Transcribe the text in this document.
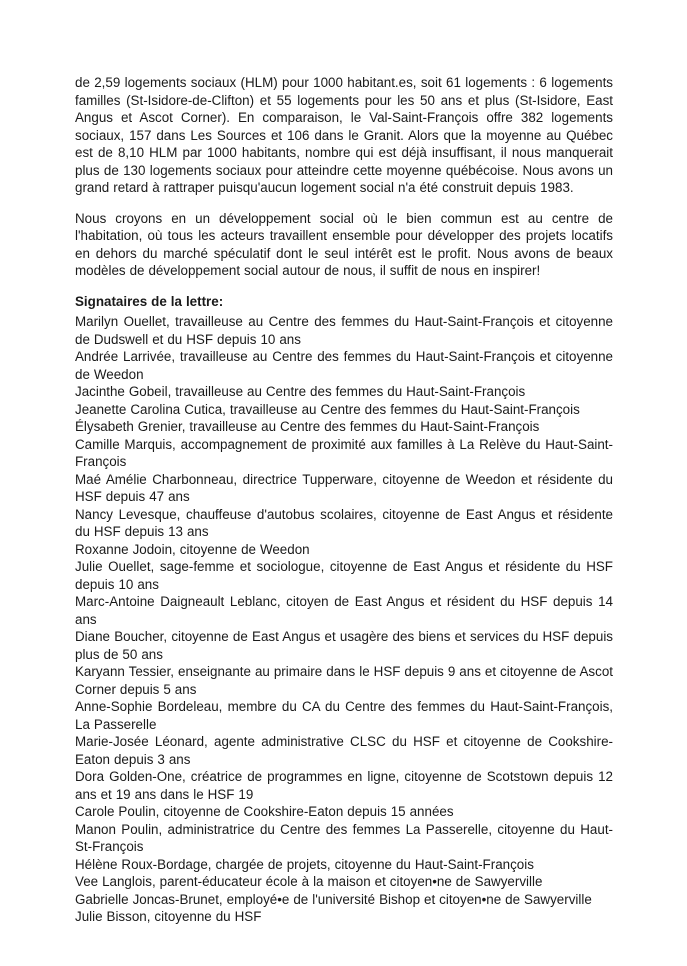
de 2,59 logements sociaux (HLM) pour 1000 habitant.es, soit 61 logements : 6 logements familles (St-Isidore-de-Clifton) et 55 logements pour les 50 ans et plus (St-Isidore, East Angus et Ascot Corner). En comparaison, le Val-Saint-François offre 382 logements sociaux, 157 dans Les Sources et 106 dans le Granit. Alors que la moyenne au Québec est de 8,10 HLM par 1000 habitants, nombre qui est déjà insuffisant, il nous manquerait plus de 130 logements sociaux pour atteindre cette moyenne québécoise. Nous avons un grand retard à rattraper puisqu'aucun logement social n'a été construit depuis 1983.

Nous croyons en un développement social où le bien commun est au centre de l'habitation, où tous les acteurs travaillent ensemble pour développer des projets locatifs en dehors du marché spéculatif dont le seul intérêt est le profit. Nous avons de beaux modèles de développement social autour de nous, il suffit de nous en inspirer!

Signataires de la lettre:

Marilyn Ouellet, travailleuse au Centre des femmes du Haut-Saint-François et citoyenne de Dudswell et du HSF depuis 10 ans

Andrée Larrivée, travailleuse au Centre des femmes du Haut-Saint-François et citoyenne de Weedon

Jacinthe Gobeil, travailleuse au Centre des femmes du Haut-Saint-François

Jeanette Carolina Cutica, travailleuse au Centre des femmes du Haut-Saint-François

Élysabeth Grenier, travailleuse au Centre des femmes du Haut-Saint-François

Camille Marquis, accompagnement de proximité aux familles à La Relève du Haut-Saint-François

Maé Amélie Charbonneau, directrice Tupperware, citoyenne de Weedon et résidente du HSF depuis 47 ans

Nancy Levesque, chauffeuse d'autobus scolaires, citoyenne de East Angus et résidente du HSF depuis 13 ans

Roxanne Jodoin, citoyenne de Weedon

Julie Ouellet, sage-femme et sociologue, citoyenne de East Angus et résidente du HSF depuis 10 ans

Marc-Antoine Daigneault Leblanc, citoyen de East Angus et résident du HSF depuis 14 ans

Diane Boucher, citoyenne de East Angus et usagère des biens et services du HSF depuis plus de 50 ans

Karyann Tessier, enseignante au primaire dans le HSF depuis 9 ans et citoyenne de Ascot Corner depuis 5 ans

Anne-Sophie Bordeleau, membre du CA du Centre des femmes du Haut-Saint-François, La Passerelle

Marie-Josée Léonard, agente administrative CLSC du HSF et citoyenne de Cookshire-Eaton depuis 3 ans

Dora Golden-One, créatrice de programmes en ligne, citoyenne de Scotstown depuis 12 ans et 19 ans dans le HSF 19

Carole Poulin, citoyenne de Cookshire-Eaton depuis 15 années

Manon Poulin, administratrice du Centre des femmes La Passerelle, citoyenne du Haut-St-François

Hélène Roux-Bordage, chargée de projets, citoyenne du Haut-Saint-François

Vee Langlois, parent-éducateur école à la maison et citoyen•ne de Sawyerville

Gabrielle Joncas-Brunet, employé•e de l'université Bishop et citoyen•ne de Sawyerville

Julie Bisson, citoyenne du HSF
